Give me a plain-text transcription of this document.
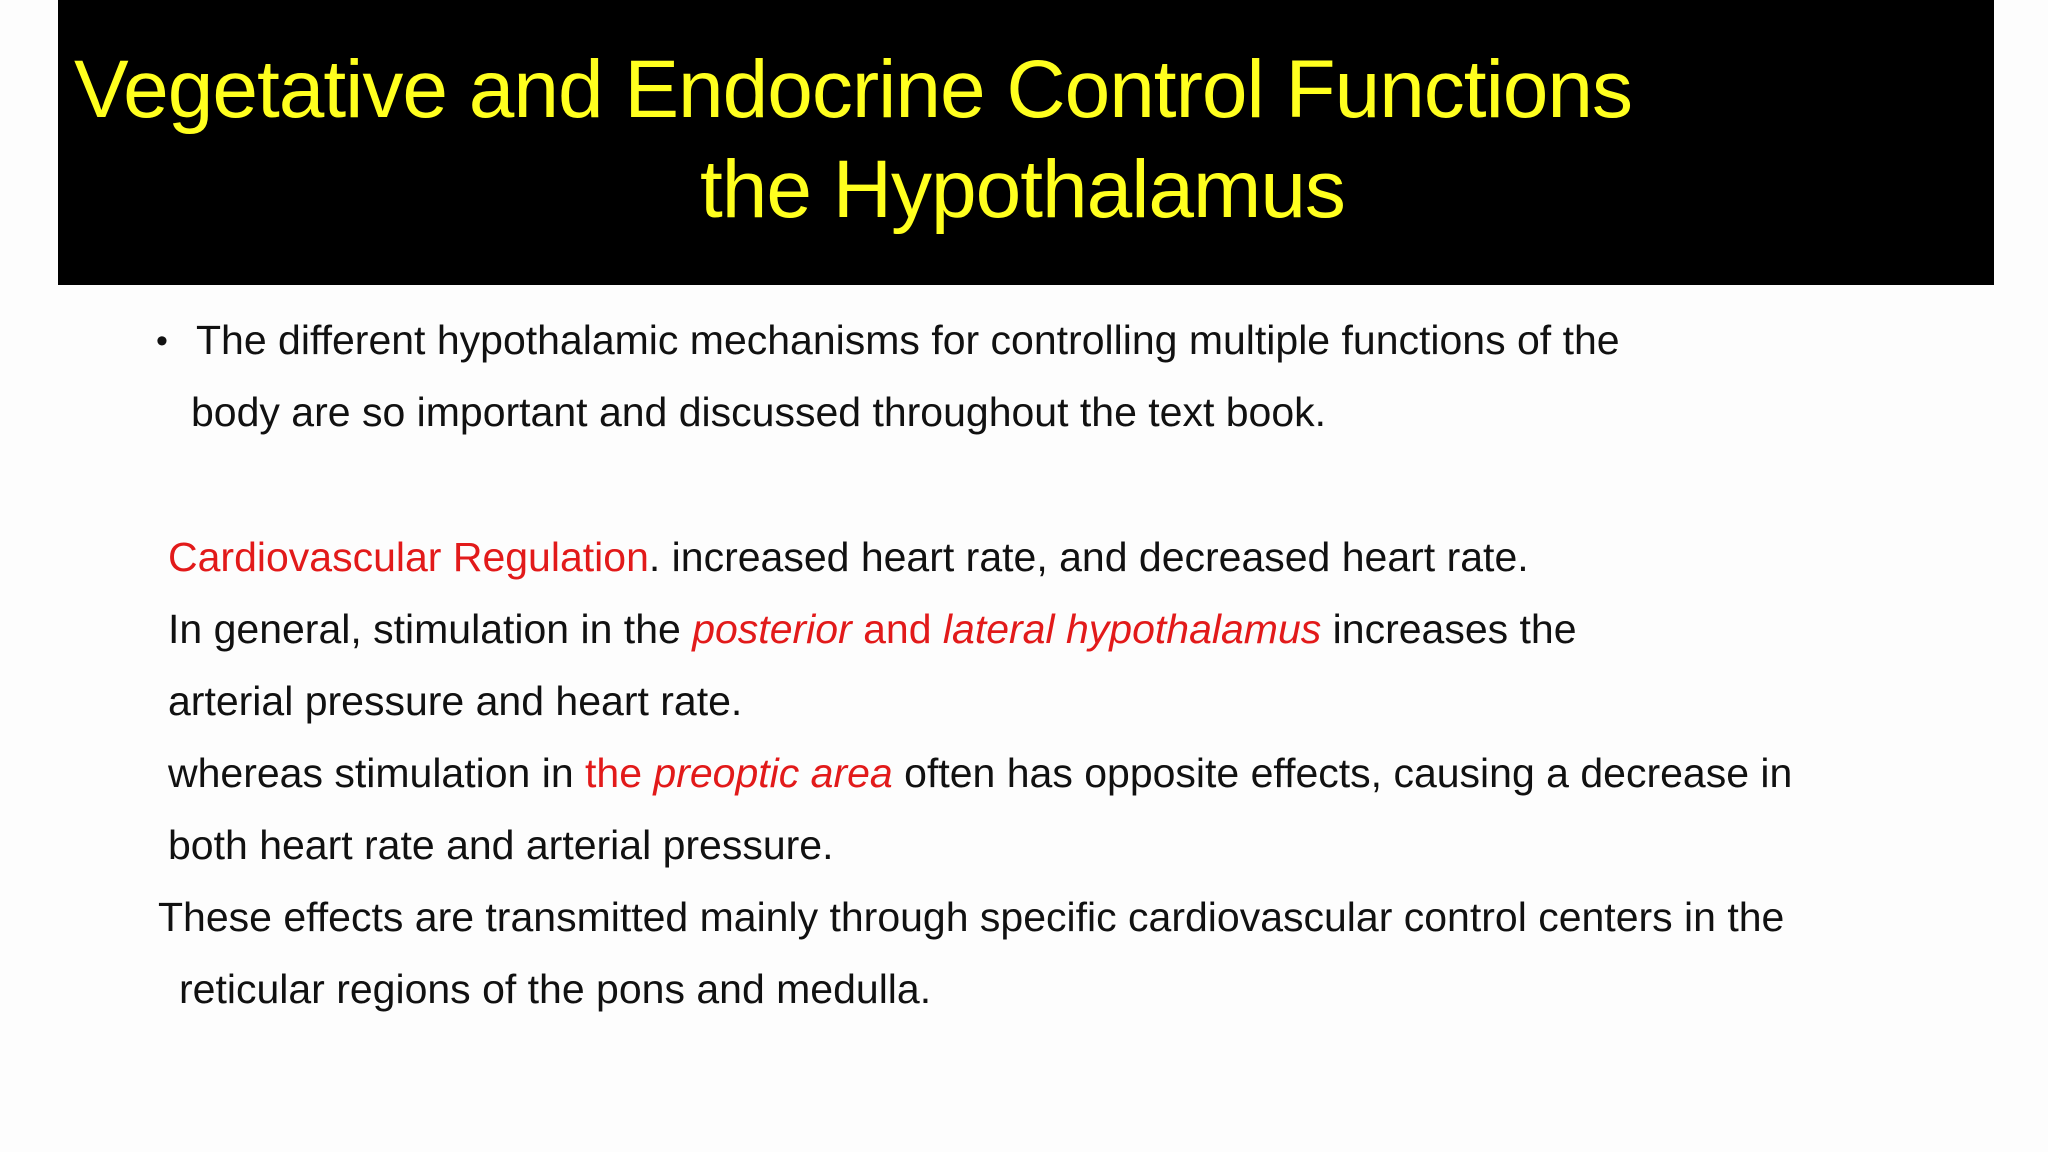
Vegetative and Endocrine Control Functions
the Hypothalamus
• The different hypothalamic mechanisms for controlling multiple functions of the
body are so important and discussed throughout the text book.
Cardiovascular Regulation. increased heart rate, and decreased heart rate.
In general, stimulation in the posterior and lateral hypothalamus increases the
arterial pressure and heart rate.
whereas stimulation in the preoptic area often has opposite effects, causing a decrease in
both heart rate and arterial pressure.
These effects are transmitted mainly through specific cardiovascular control centers in the
reticular regions of the pons and medulla.
